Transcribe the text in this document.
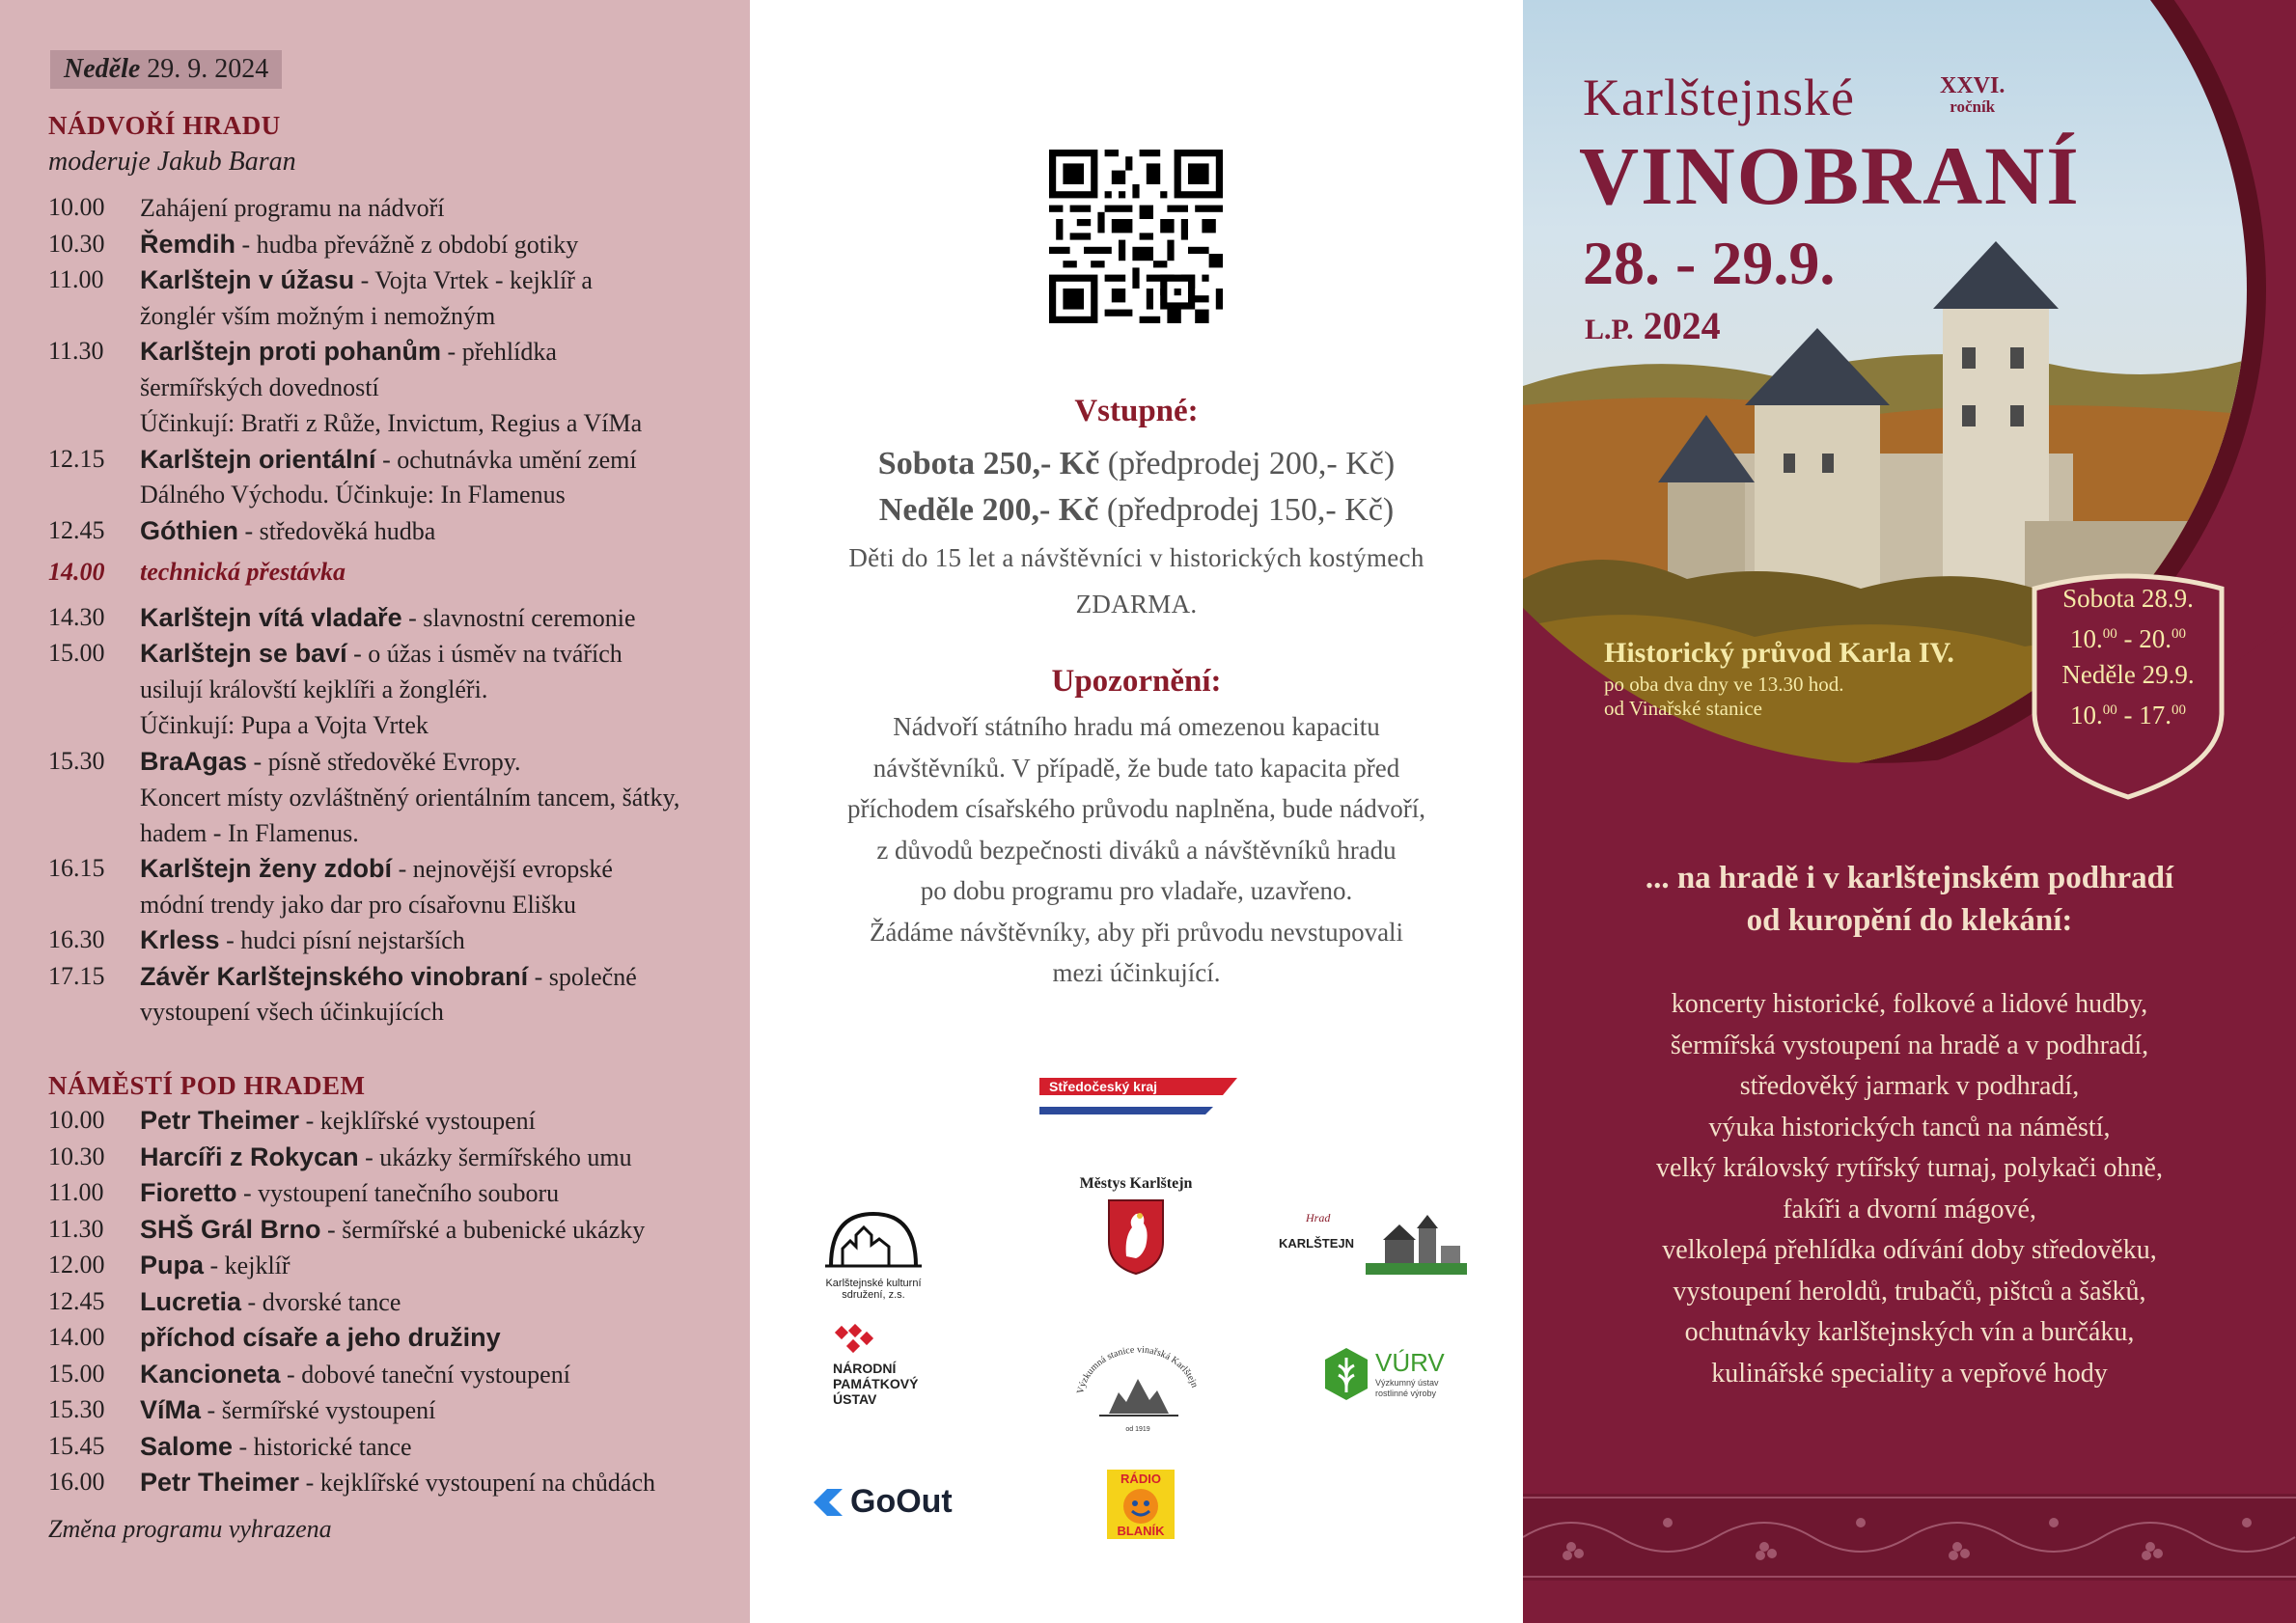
Neděle 29. 9. 2024
NÁDVOŘÍ HRADU
moderuje Jakub Baran
10.00	Zahájení programu na nádvoří
10.30	Řemdih - hudba převážně z období gotiky
11.00	Karlštejn v úžasu - Vojta Vrtek - kejklíř a žonglér vším možným i nemožným
11.30	Karlštejn proti pohanům - přehlídka šermířských dovedností
Účinkují: Bratři z Růže, Invictum, Regius a VíMa
12.15	Karlštejn orientální - ochutnávka umění zemí Dálného Východu. Účinkuje: In Flamenus
12.45	Góthien - středověká hudba
14.00	technická přestávka
14.30	Karlštejn vítá vladaře - slavnostní ceremonie
15.00	Karlštejn se baví - o úžas i úsměv na tvářích usilují královští kejklíři a žongléři.
Účinkují: Pupa a Vojta Vrtek
15.30	BraAgas - písně středověké Evropy.
Koncert místy ozvláštněný orientálním tancem, šátky, hadem - In Flamenus.
16.15	Karlštejn ženy zdobí - nejnovější evropské módní trendy jako dar pro císařovnu Elišku
16.30	Krless - hudci písní nejstarších
17.15	Závěr Karlštejnského vinobraní - společné vystoupení všech účinkujících
NÁMĚSTÍ POD HRADEM
10.00	Petr Theimer - kejklířské vystoupení
10.30	Harcíři z Rokycan - ukázky šermířského umu
11.00	Fioretto - vystoupení tanečního souboru
11.30	SHŠ Grál Brno - šermířské a bubenické ukázky
12.00	Pupa - kejklíř
12.45	Lucretia - dvorské tance
14.00	příchod císaře a jeho družiny
15.00	Kancioneta - dobové taneční vystoupení
15.30	VíMa - šermířské vystoupení
15.45	Salome - historické tance
16.00	Petr Theimer - kejklířské vystoupení na chůdách
Změna programu vyhrazena
Vstupné:
Sobota 250,- Kč (předprodej 200,- Kč)
Neděle 200,- Kč (předprodej 150,- Kč)
Děti do 15 let a návštěvníci v historických kostýmech
ZDARMA.
Upozornění:
Nádvoří státního hradu má omezenou kapacitu
návštěvníků. V případě, že bude tato kapacita před
příchodem císařského průvodu naplněna, bude nádvoří,
z důvodů bezpečnosti diváků a návštěvníků hradu
po dobu programu pro vladaře, uzavřeno.
Žádáme návštěvníky, aby při průvodu nevstupovali
mezi účinkující.
Středočeský kraj
Městys Karlštejn
Karlštejnské kulturní sdružení, z.s.
Hrad
KARLŠTEJN
NÁRODNÍ
PAMÁTKOVÝ
ÚSTAV
Výzkumná stanice vinařská Karlštejn
od 1919
VÚRV
Výzkumný ústav
rostlinné výroby
GoOut
RÁDIO
BLANÍK
Karlštejnské	XXVI.
ročník
VINOBRANÍ
28. - 29.9.
L.P. 2024
Historický průvod Karla IV.
po oba dva dny ve 13.30 hod.
od Vinařské stanice
Sobota 28.9.
10.00 - 20.00
Neděle 29.9.
10.00 - 17.00
... na hradě i v karlštejnském podhradí
od kuropění do klekání:
koncerty historické, folkové a lidové hudby,
šermířská vystoupení na hradě a v podhradí,
středověký jarmark v podhradí,
výuka historických tanců na náměstí,
velký královský rytířský turnaj, polykači ohně,
fakíři a dvorní mágové,
velkolepá přehlídka odívání doby středověku,
vystoupení heroldů, trubačů, pištců a šašků,
ochutnávky karlštejnských vín a burčáku,
kulinářské speciality a vepřové hody
